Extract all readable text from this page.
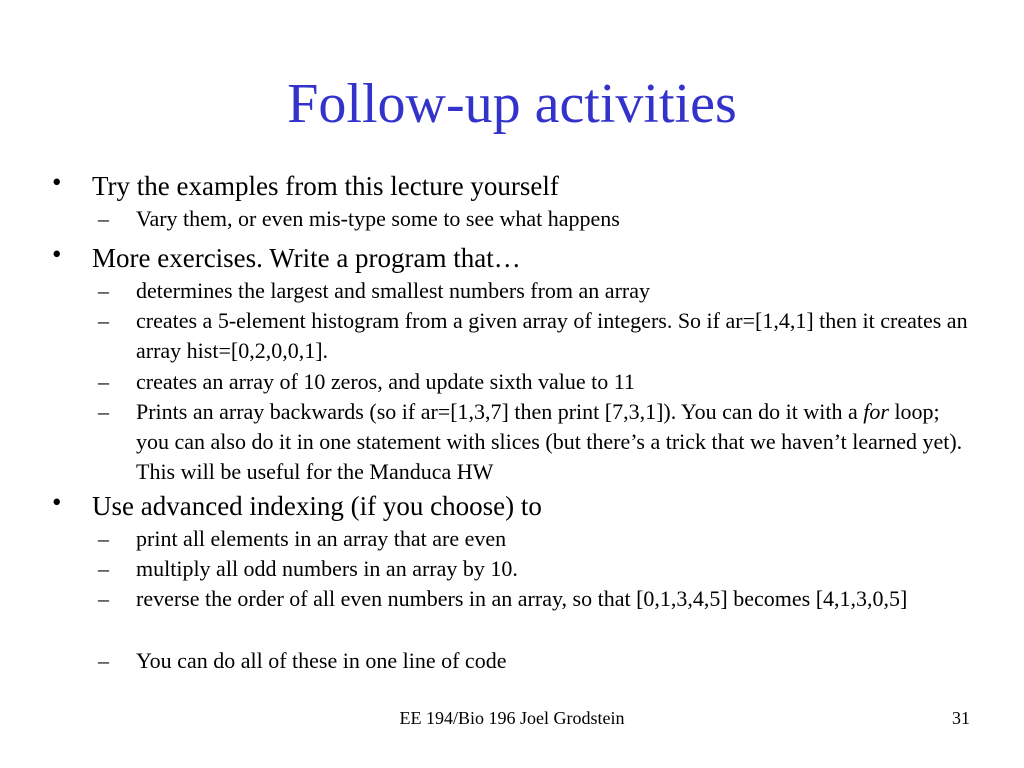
Follow-up activities
• Try the examples from this lecture yourself
– Vary them, or even mis-type some to see what happens
• More exercises. Write a program that…
– determines the largest and smallest numbers from an array
– creates a 5-element histogram from a given array of integers. So if ar=[1,4,1] then it creates an array hist=[0,2,0,0,1].
– creates an array of 10 zeros, and update sixth value to 11
– Prints an array backwards (so if ar=[1,3,7] then print [7,3,1]). You can do it with a for loop; you can also do it in one statement with slices (but there’s a trick that we haven’t learned yet). This will be useful for the Manduca HW
• Use advanced indexing (if you choose) to
– print all elements in an array that are even
– multiply all odd numbers in an array by 10.
– reverse the order of all even numbers in an array, so that [0,1,3,4,5] becomes [4,1,3,0,5]
– You can do all of these in one line of code
EE 194/Bio 196 Joel Grodstein	31
